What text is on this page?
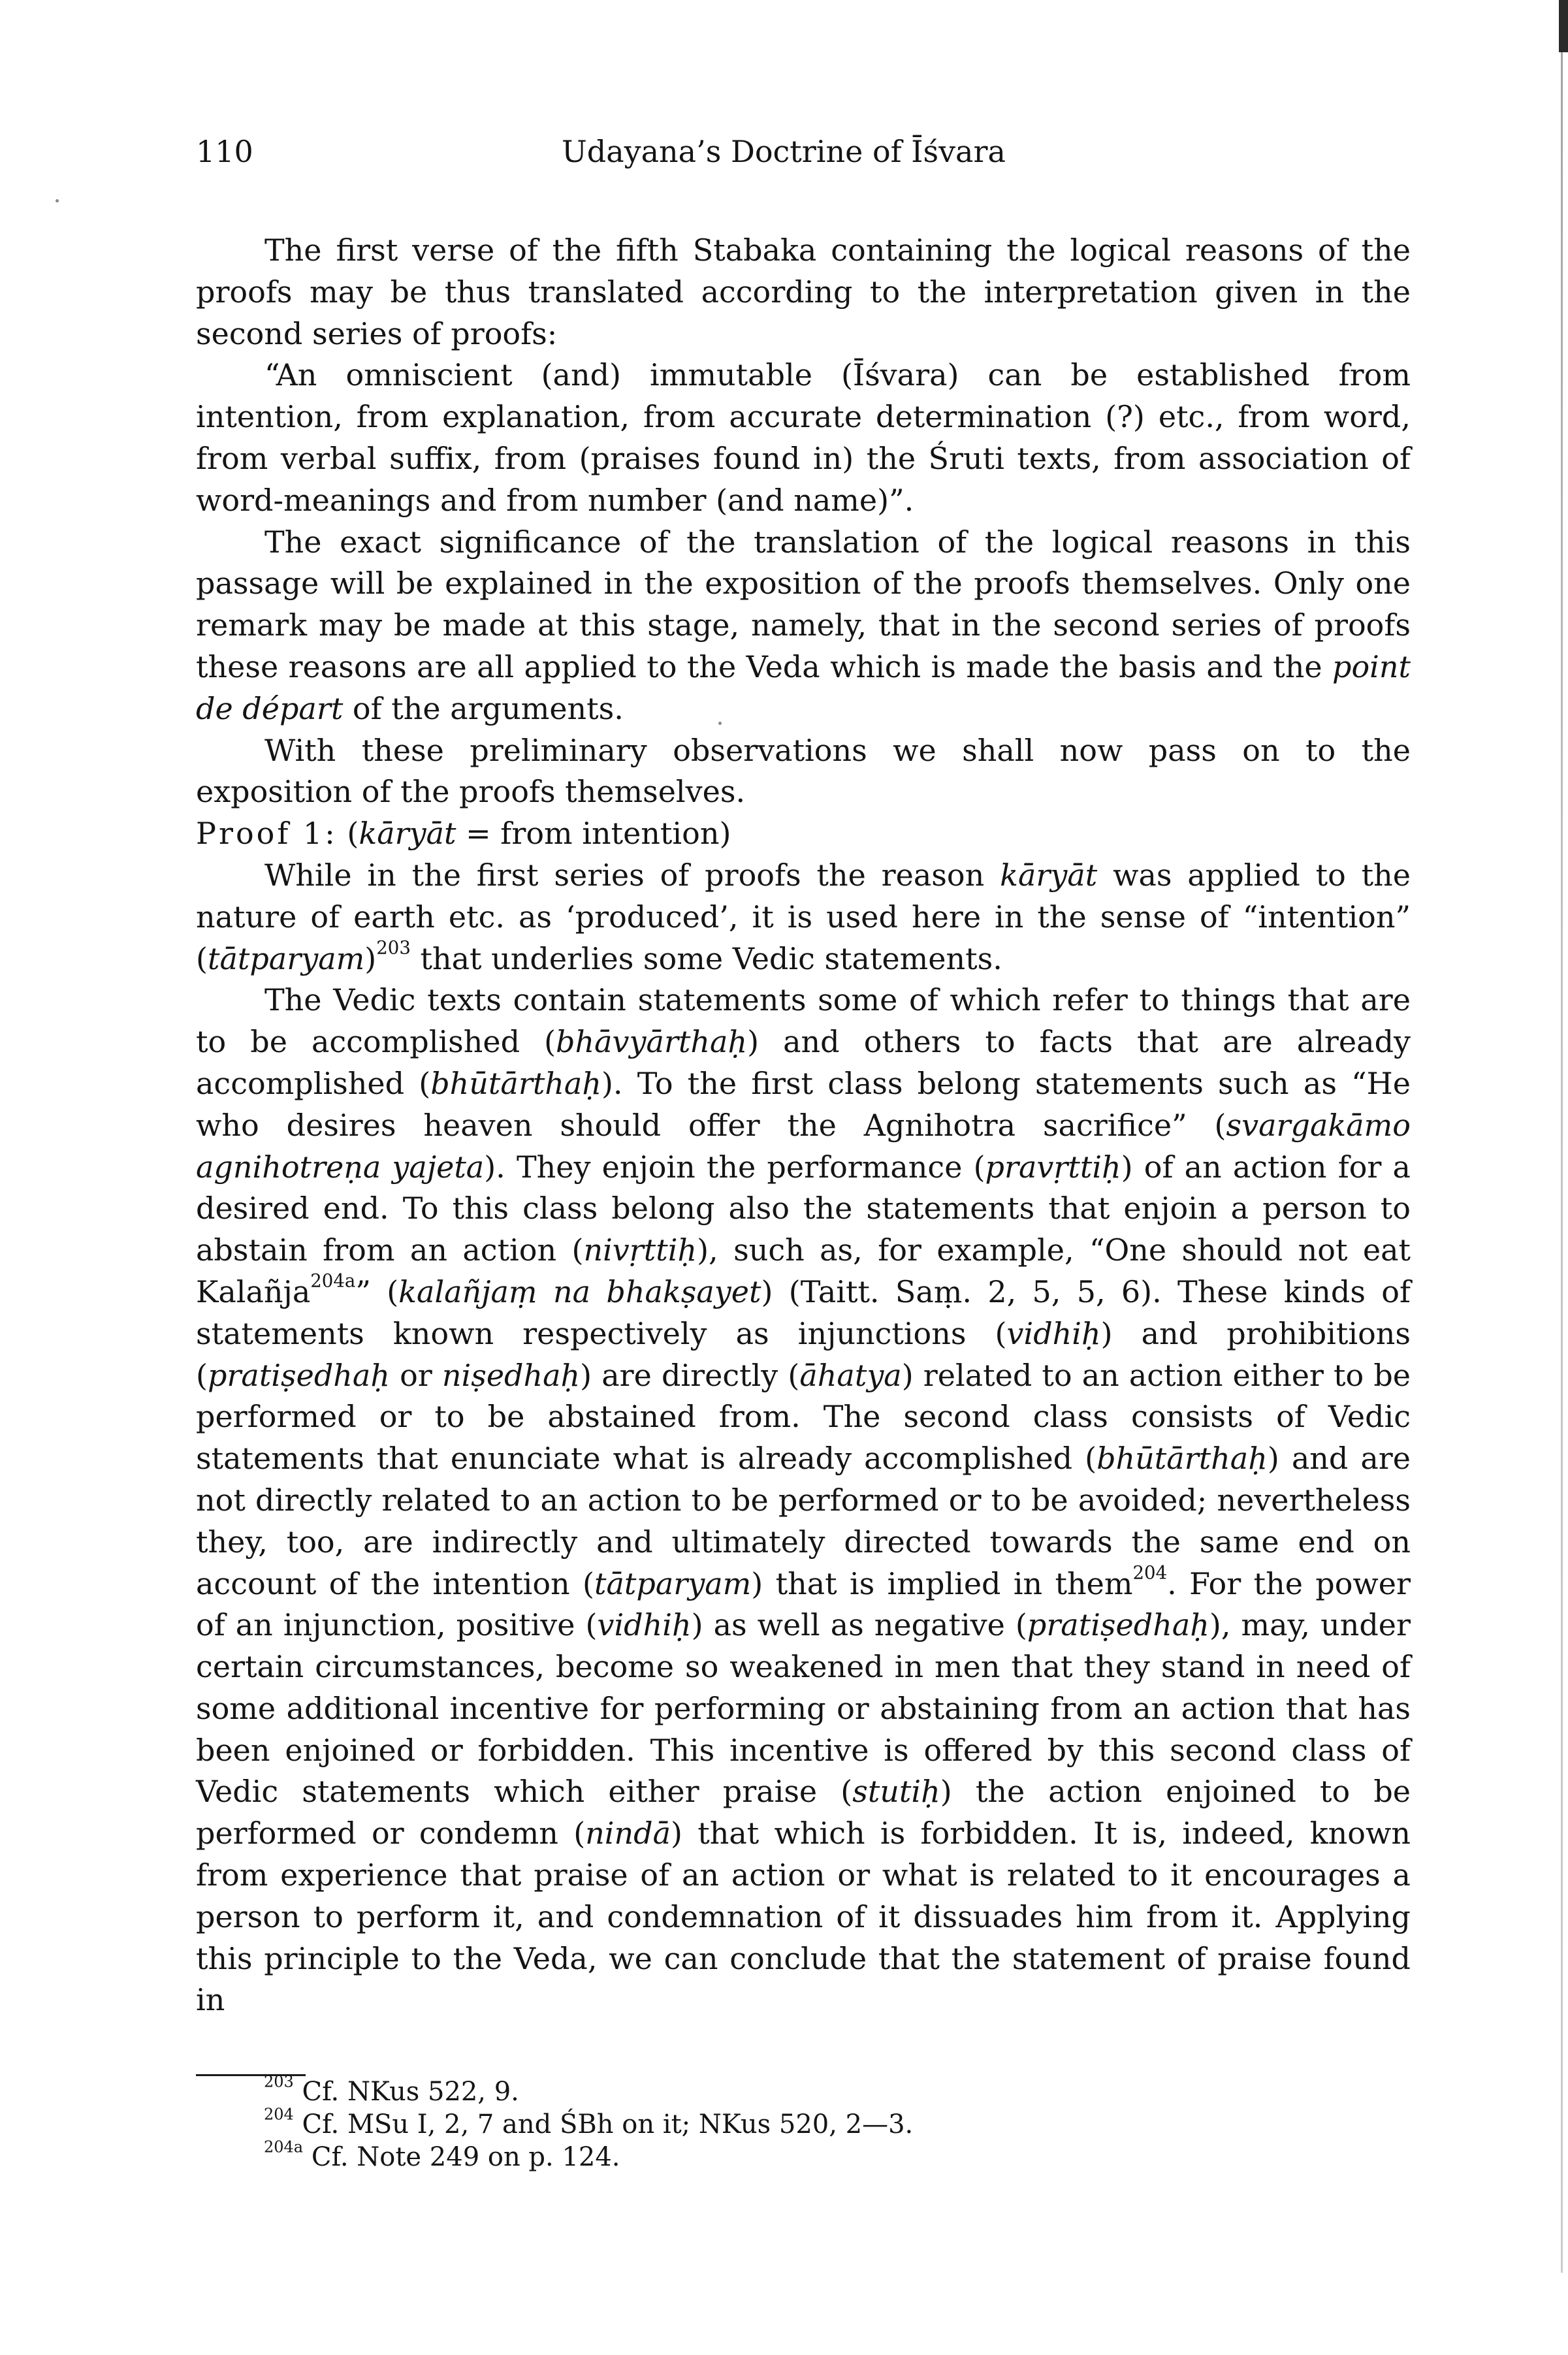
110	Udayana’s Doctrine of Īśvara

The first verse of the fifth Stabaka containing the logical reasons of the proofs may be thus translated according to the interpretation given in the second series of proofs:

“An omniscient (and) immutable (Īśvara) can be established from intention, from explanation, from accurate determination (?) etc., from word, from verbal suffix, from (praises found in) the Śruti texts, from association of word-meanings and from number (and name)”.

The exact significance of the translation of the logical reasons in this passage will be explained in the exposition of the proofs themselves. Only one remark may be made at this stage, namely, that in the second series of proofs these reasons are all applied to the Veda which is made the basis and the point de départ of the arguments.

With these preliminary observations we shall now pass on to the exposition of the proofs themselves.

Proof 1: (kāryāt = from intention)

While in the first series of proofs the reason kāryāt was applied to the nature of earth etc. as ‘produced’, it is used here in the sense of “intention” (tātparyam)$^{203}$ that underlies some Vedic statements.

The Vedic texts contain statements some of which refer to things that are to be accomplished (bhāvyārthaḥ) and others to facts that are already accomplished (bhūtārthaḥ). To the first class belong statements such as “He who desires heaven should offer the Agnihotra sacrifice” (svargakāmo agnihotreṇa yajeta). They enjoin the performance (pravṛttiḥ) of an action for a desired end. To this class belong also the statements that enjoin a person to abstain from an action (nivṛttiḥ), such as, for example, “One should not eat Kalañja$^{204a}$” (kalañjaṃ na bhakṣayet) (Taitt. Saṃ. 2, 5, 5, 6). These kinds of statements known respectively as injunctions (vidhiḥ) and prohibitions (pratiṣedhaḥ or niṣedhaḥ) are directly (āhatya) related to an action either to be performed or to be abstained from. The second class consists of Vedic statements that enunciate what is already accomplished (bhūtārthaḥ) and are not directly related to an action to be performed or to be avoided; nevertheless they, too, are indirectly and ultimately directed towards the same end on account of the intention (tātparyam) that is implied in them$^{204}$. For the power of an injunction, positive (vidhiḥ) as well as negative (pratiṣedhaḥ), may, under certain circumstances, become so weakened in men that they stand in need of some additional incentive for performing or abstaining from an action that has been enjoined or forbidden. This incentive is offered by this second class of Vedic statements which either praise (stutiḥ) the action enjoined to be performed or condemn (nindā) that which is forbidden. It is, indeed, known from experience that praise of an action or what is related to it encourages a person to perform it, and condemnation of it dissuades him from it. Applying this principle to the Veda, we can conclude that the statement of praise found in

$^{203}$ Cf. NKus 522, 9.

$^{204}$ Cf. MSu I, 2, 7 and ŚBh on it; NKus 520, 2—3.

$^{204a}$ Cf. Note 249 on p. 124.
